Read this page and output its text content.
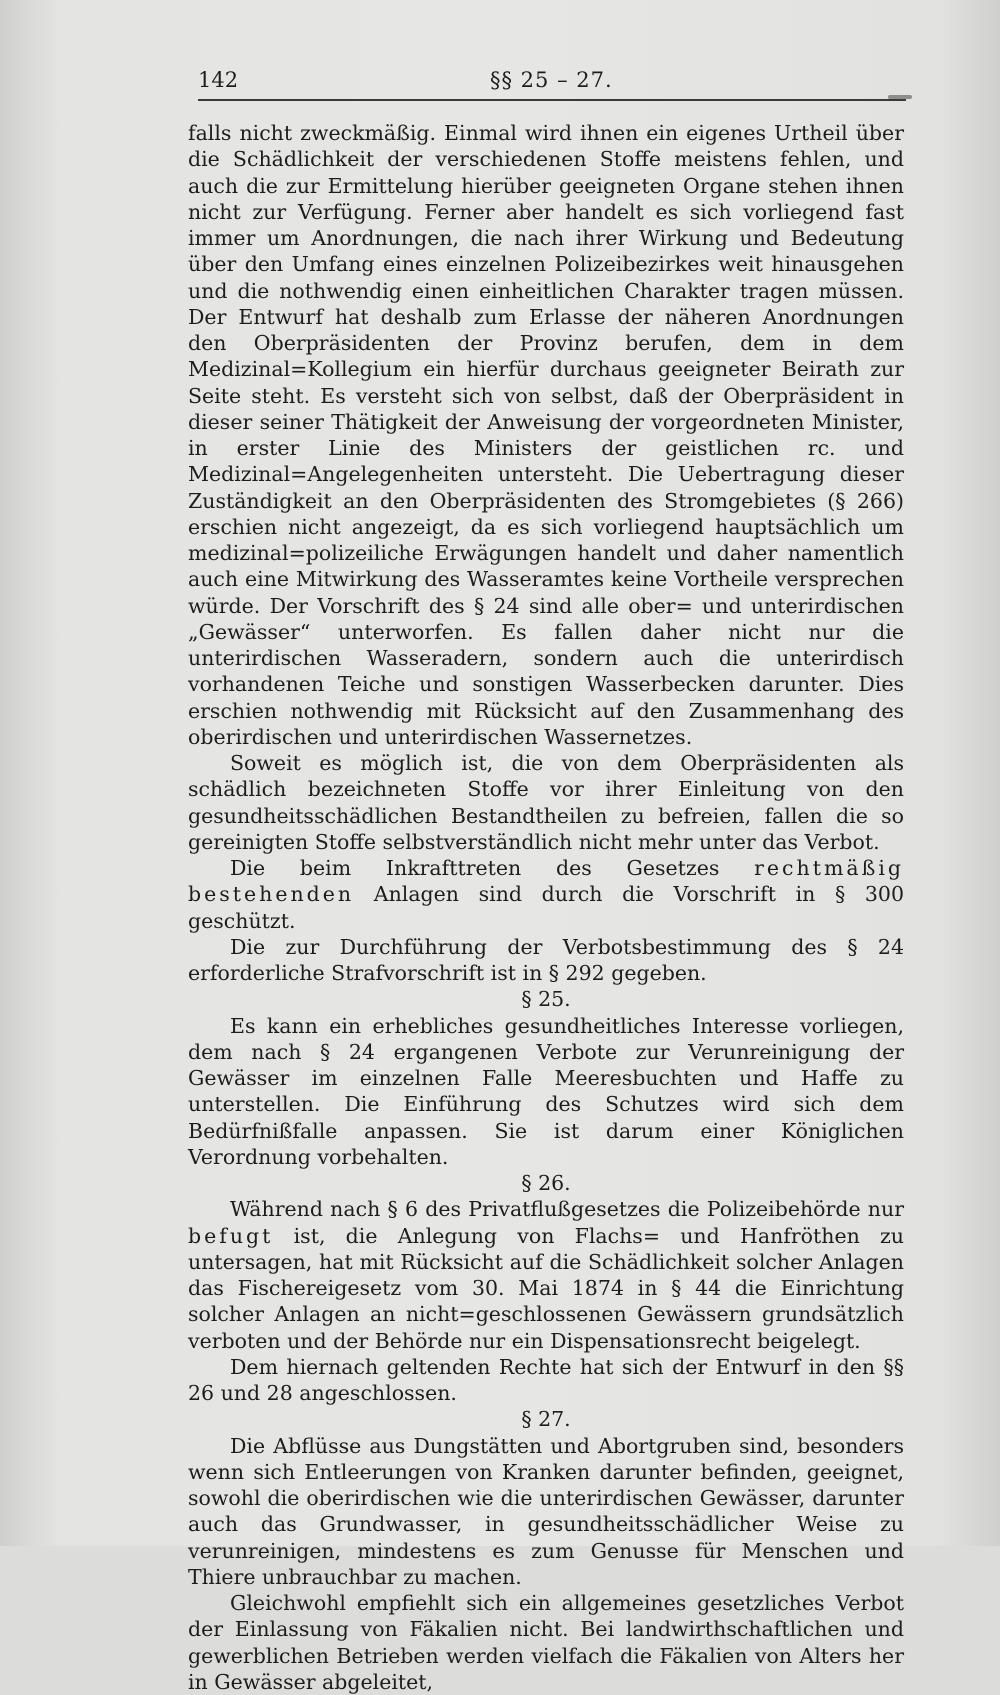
142	§§ 25 – 27.

falls nicht zweckmäßig. Einmal wird ihnen ein eigenes Urtheil über die Schädlichkeit der verschiedenen Stoffe meistens fehlen, und auch die zur Ermittelung hierüber geeigneten Organe stehen ihnen nicht zur Verfügung. Ferner aber handelt es sich vorliegend fast immer um Anordnungen, die nach ihrer Wirkung und Bedeutung über den Umfang eines einzelnen Polizeibezirkes weit hinausgehen und die nothwendig einen einheitlichen Charakter tragen müssen. Der Entwurf hat deshalb zum Erlasse der näheren Anordnungen den Oberpräsidenten der Provinz berufen, dem in dem Medizinal=Kollegium ein hierfür durchaus geeigneter Beirath zur Seite steht. Es versteht sich von selbst, daß der Oberpräsident in dieser seiner Thätigkeit der Anweisung der vorgeordneten Minister, in erster Linie des Ministers der geistlichen rc. und Medizinal=Angelegenheiten untersteht. Die Uebertragung dieser Zuständigkeit an den Oberpräsidenten des Stromgebietes (§ 266) erschien nicht angezeigt, da es sich vorliegend hauptsächlich um medizinal=polizeiliche Erwägungen handelt und daher namentlich auch eine Mitwirkung des Wasseramtes keine Vortheile versprechen würde. Der Vorschrift des § 24 sind alle ober= und unterirdischen „Gewässer“ unterworfen. Es fallen daher nicht nur die unterirdischen Wasseradern, sondern auch die unterirdisch vorhandenen Teiche und sonstigen Wasserbecken darunter. Dies erschien nothwendig mit Rücksicht auf den Zusammenhang des oberirdischen und unterirdischen Wassernetzes.

Soweit es möglich ist, die von dem Oberpräsidenten als schädlich bezeichneten Stoffe vor ihrer Einleitung von den gesundheitsschädlichen Bestandtheilen zu befreien, fallen die so gereinigten Stoffe selbstverständlich nicht mehr unter das Verbot.

Die beim Inkrafttreten des Gesetzes rechtmäßig bestehenden Anlagen sind durch die Vorschrift in § 300 geschützt.

Die zur Durchführung der Verbotsbestimmung des § 24 erforderliche Strafvorschrift ist in § 292 gegeben.

§ 25.

Es kann ein erhebliches gesundheitliches Interesse vorliegen, dem nach § 24 ergangenen Verbote zur Verunreinigung der Gewässer im einzelnen Falle Meeresbuchten und Haffe zu unterstellen. Die Einführung des Schutzes wird sich dem Bedürfnißfalle anpassen. Sie ist darum einer Königlichen Verordnung vorbehalten.

§ 26.

Während nach § 6 des Privatflußgesetzes die Polizeibehörde nur befugt ist, die Anlegung von Flachs= und Hanfröthen zu untersagen, hat mit Rücksicht auf die Schädlichkeit solcher Anlagen das Fischereigesetz vom 30. Mai 1874 in § 44 die Einrichtung solcher Anlagen an nicht=geschlossenen Gewässern grundsätzlich verboten und der Behörde nur ein Dispensationsrecht beigelegt.

Dem hiernach geltenden Rechte hat sich der Entwurf in den §§ 26 und 28 angeschlossen.

§ 27.

Die Abflüsse aus Dungstätten und Abortgruben sind, besonders wenn sich Entleerungen von Kranken darunter befinden, geeignet, sowohl die oberirdischen wie die unterirdischen Gewässer, darunter auch das Grundwasser, in gesundheitsschädlicher Weise zu verunreinigen, mindestens es zum Genusse für Menschen und Thiere unbrauchbar zu machen.

Gleichwohl empfiehlt sich ein allgemeines gesetzliches Verbot der Einlassung von Fäkalien nicht. Bei landwirthschaftlichen und gewerblichen Betrieben werden vielfach die Fäkalien von Alters her in Gewässer abgeleitet,
